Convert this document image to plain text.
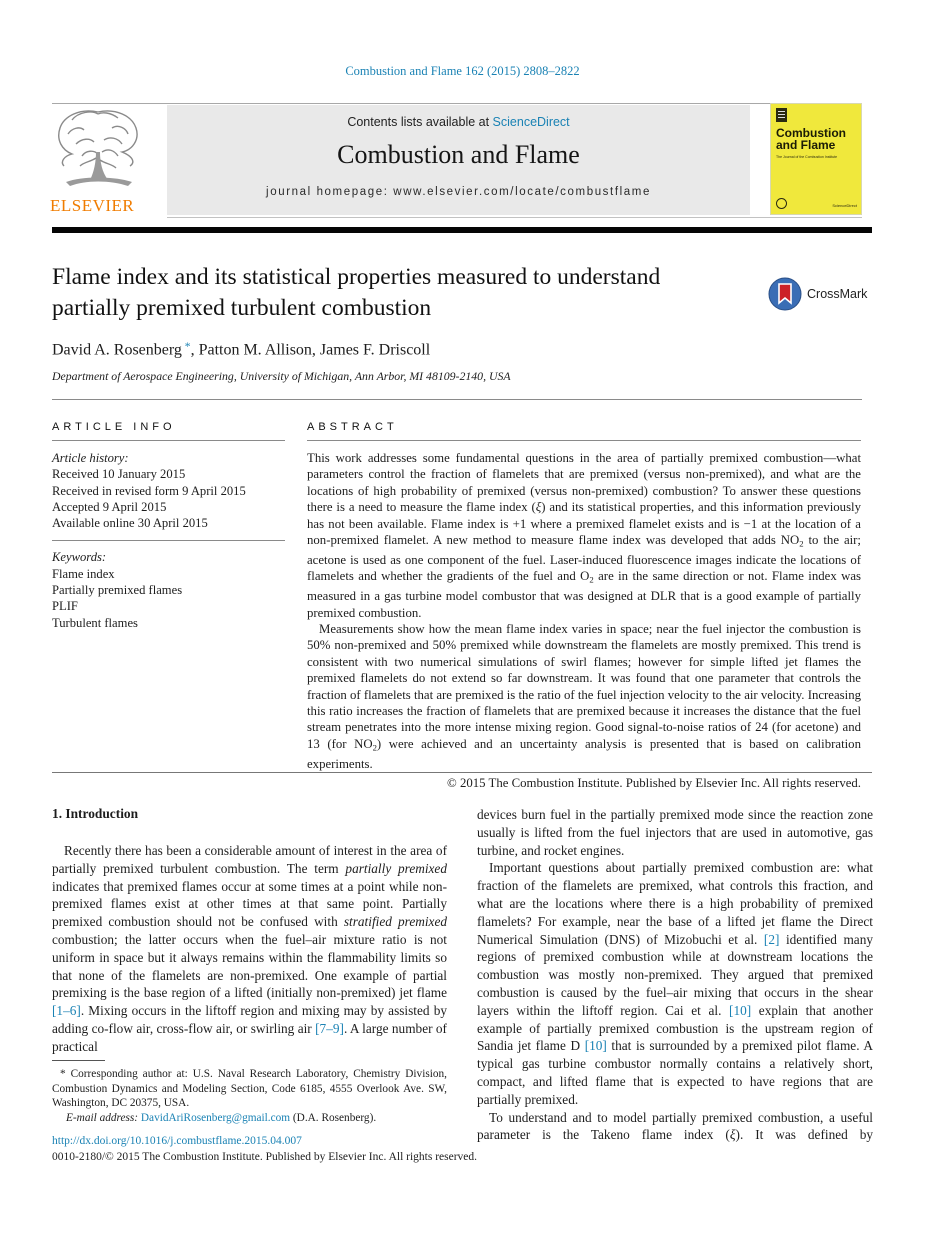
Combustion and Flame 162 (2015) 2808–2822
ELSEVIER
Contents lists available at ScienceDirect
Combustion and Flame
journal homepage: www.elsevier.com/locate/combustflame
Combustion and Flame
The Journal of the Combustion Institute
ScienceDirect
Flame index and its statistical properties measured to understand partially premixed turbulent combustion
CrossMark
David A. Rosenberg *, Patton M. Allison, James F. Driscoll
Department of Aerospace Engineering, University of Michigan, Ann Arbor, MI 48109-2140, USA
ARTICLE INFO
Article history:
Received 10 January 2015
Received in revised form 9 April 2015
Accepted 9 April 2015
Available online 30 April 2015
Keywords:
Flame index
Partially premixed flames
PLIF
Turbulent flames
ABSTRACT

This work addresses some fundamental questions in the area of partially premixed combustion—what parameters control the fraction of flamelets that are premixed (versus non-premixed), and what are the locations of high probability of premixed (versus non-premixed) combustion? To answer these questions there is a need to measure the flame index (ξ) and its statistical properties, and this information previously has not been available. Flame index is +1 where a premixed flamelet exists and is −1 at the location of a non-premixed flamelet. A new method to measure flame index was developed that adds NO2 to the air; acetone is used as one component of the fuel. Laser-induced fluorescence images indicate the locations of flamelets and whether the gradients of the fuel and O2 are in the same direction or not. Flame index was measured in a gas turbine model combustor that was designed at DLR that is a good example of partially premixed combustion.

Measurements show how the mean flame index varies in space; near the fuel injector the combustion is 50% non-premixed and 50% premixed while downstream the flamelets are mostly premixed. This trend is consistent with two numerical simulations of swirl flames; however for simple lifted jet flames the premixed flamelets do not extend so far downstream. It was found that one parameter that controls the fraction of flamelets that are premixed is the ratio of the fuel injection velocity to the air velocity. Increasing this ratio increases the fraction of flamelets that are premixed because it increases the distance that the fuel stream penetrates into the more intense mixing region. Good signal-to-noise ratios of 24 (for acetone) and 13 (for NO2) were achieved and an uncertainty analysis is presented that is based on calibration experiments.

© 2015 The Combustion Institute. Published by Elsevier Inc. All rights reserved.
1. Introduction

Recently there has been a considerable amount of interest in the area of partially premixed turbulent combustion. The term partially premixed indicates that premixed flames occur at some times at a point while non-premixed flames exist at other times at that same point. Partially premixed combustion should not be confused with stratified premixed combustion; the latter occurs when the fuel–air mixture ratio is not uniform in space but it always remains within the flammability limits so that none of the flamelets are non-premixed. One example of partial premixing is the base region of a lifted (initially non-premixed) jet flame [1–6]. Mixing occurs in the liftoff region and mixing may by assisted by adding co-flow air, cross-flow air, or swirling air [7–9]. A large number of practical

devices burn fuel in the partially premixed mode since the reaction zone usually is lifted from the fuel injectors that are used in automotive, gas turbine, and rocket engines.

Important questions about partially premixed combustion are: what fraction of the flamelets are premixed, what controls this fraction, and what are the locations where there is a high probability of premixed flamelets? For example, near the base of a lifted jet flame the Direct Numerical Simulation (DNS) of Mizobuchi et al. [2] identified many regions of premixed combustion while at downstream locations the combustion was mostly non-premixed. They argued that premixed combustion is caused by the fuel–air mixing that occurs in the shear layers within the liftoff region. Cai et al. [10] explain that another example of partially premixed combustion is the upstream region of Sandia jet flame D [10] that is surrounded by a premixed pilot flame. A typical gas turbine combustor normally contains a relatively short, compact, and lifted flame that is expected to have regions that are partially premixed.

To understand and to model partially premixed combustion, a useful parameter is the Takeno flame index (ξ). It was defined by

* Corresponding author at: U.S. Naval Research Laboratory, Chemistry Division, Combustion Dynamics and Modeling Section, Code 6185, 4555 Overlook Ave. SW, Washington, DC 20375, USA.

E-mail address: DavidAriRosenberg@gmail.com (D.A. Rosenberg).

http://dx.doi.org/10.1016/j.combustflame.2015.04.007
0010-2180/© 2015 The Combustion Institute. Published by Elsevier Inc. All rights reserved.
